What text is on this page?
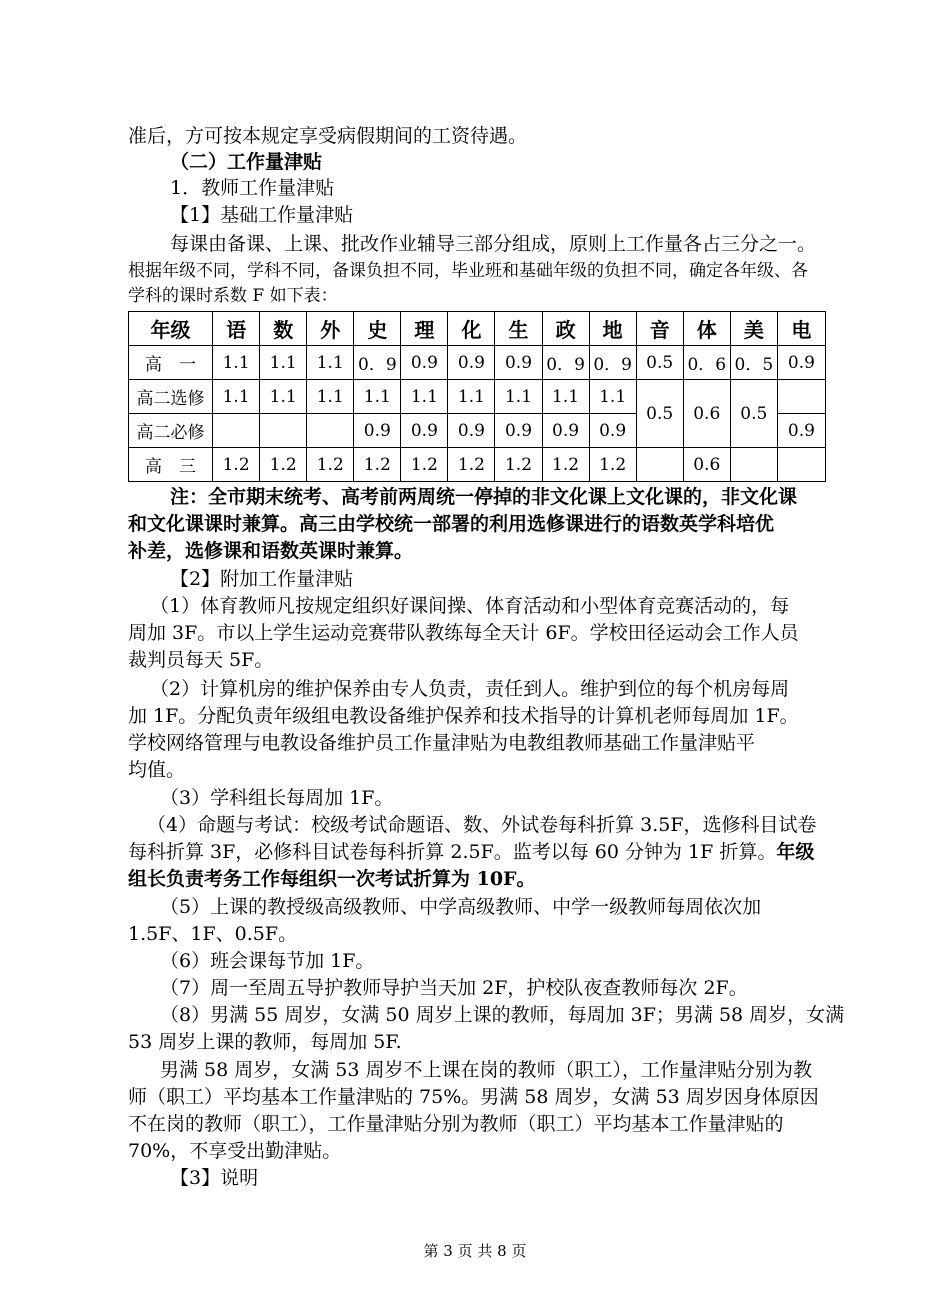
准后，方可按本规定享受病假期间的工资待遇。
（二）工作量津贴
1．教师工作量津贴
【1】基础工作量津贴
每课由备课、上课、批改作业辅导三部分组成，原则上工作量各占三分之一。
根据年级不同，学科不同，备课负担不同，毕业班和基础年级的负担不同，确定各年级、各
学科的课时系数 F 如下表：
年级	语	数	外	史	理	化	生	政	地	音	体	美	电
高　一	1.1	1.1	1.1	0．9	0.9	0.9	0.9	0．9	0．9	0.5	0．6	0．5	0.9
高二选修	1.1	1.1	1.1	1.1	1.1	1.1	1.1	1.1	1.1	0.5	0.6	0.5	
高二必修				0.9	0.9	0.9	0.9	0.9	0.9				0.9
高　三	1.2	1.2	1.2	1.2	1.2	1.2	1.2	1.2	1.2		0.6		
注：全市期末统考、高考前两周统一停掉的非文化课上文化课的，非文化课
和文化课课时兼算。高三由学校统一部署的利用选修课进行的语数英学科培优
补差，选修课和语数英课时兼算。
【2】附加工作量津贴
（1）体育教师凡按规定组织好课间操、体育活动和小型体育竞赛活动的，每
周加 3F。市以上学生运动竞赛带队教练每全天计 6F。学校田径运动会工作人员
裁判员每天 5F。
（2）计算机房的维护保养由专人负责，责任到人。维护到位的每个机房每周
加 1F。分配负责年级组电教设备维护保养和技术指导的计算机老师每周加 1F。
学校网络管理与电教设备维护员工作量津贴为电教组教师基础工作量津贴平
均值。
（3）学科组长每周加 1F。
（4）命题与考试：校级考试命题语、数、外试卷每科折算 3.5F，选修科目试卷
每科折算 3F，必修科目试卷每科折算 2.5F。监考以每 60 分钟为 1F 折算。年级
组长负责考务工作每组织一次考试折算为 10F。
（5）上课的教授级高级教师、中学高级教师、中学一级教师每周依次加
1.5F、1F、0.5F。
（6）班会课每节加 1F。
（7）周一至周五导护教师导护当天加 2F，护校队夜查教师每次 2F。
（8）男满 55 周岁，女满 50 周岁上课的教师，每周加 3F；男满 58 周岁，女满
53 周岁上课的教师，每周加 5F.
男满 58 周岁，女满 53 周岁不上课在岗的教师（职工），工作量津贴分别为教
师（职工）平均基本工作量津贴的 75%。男满 58 周岁，女满 53 周岁因身体原因
不在岗的教师（职工），工作量津贴分别为教师（职工）平均基本工作量津贴的
70%，不享受出勤津贴。
【3】说明
第 3 页 共 8 页
